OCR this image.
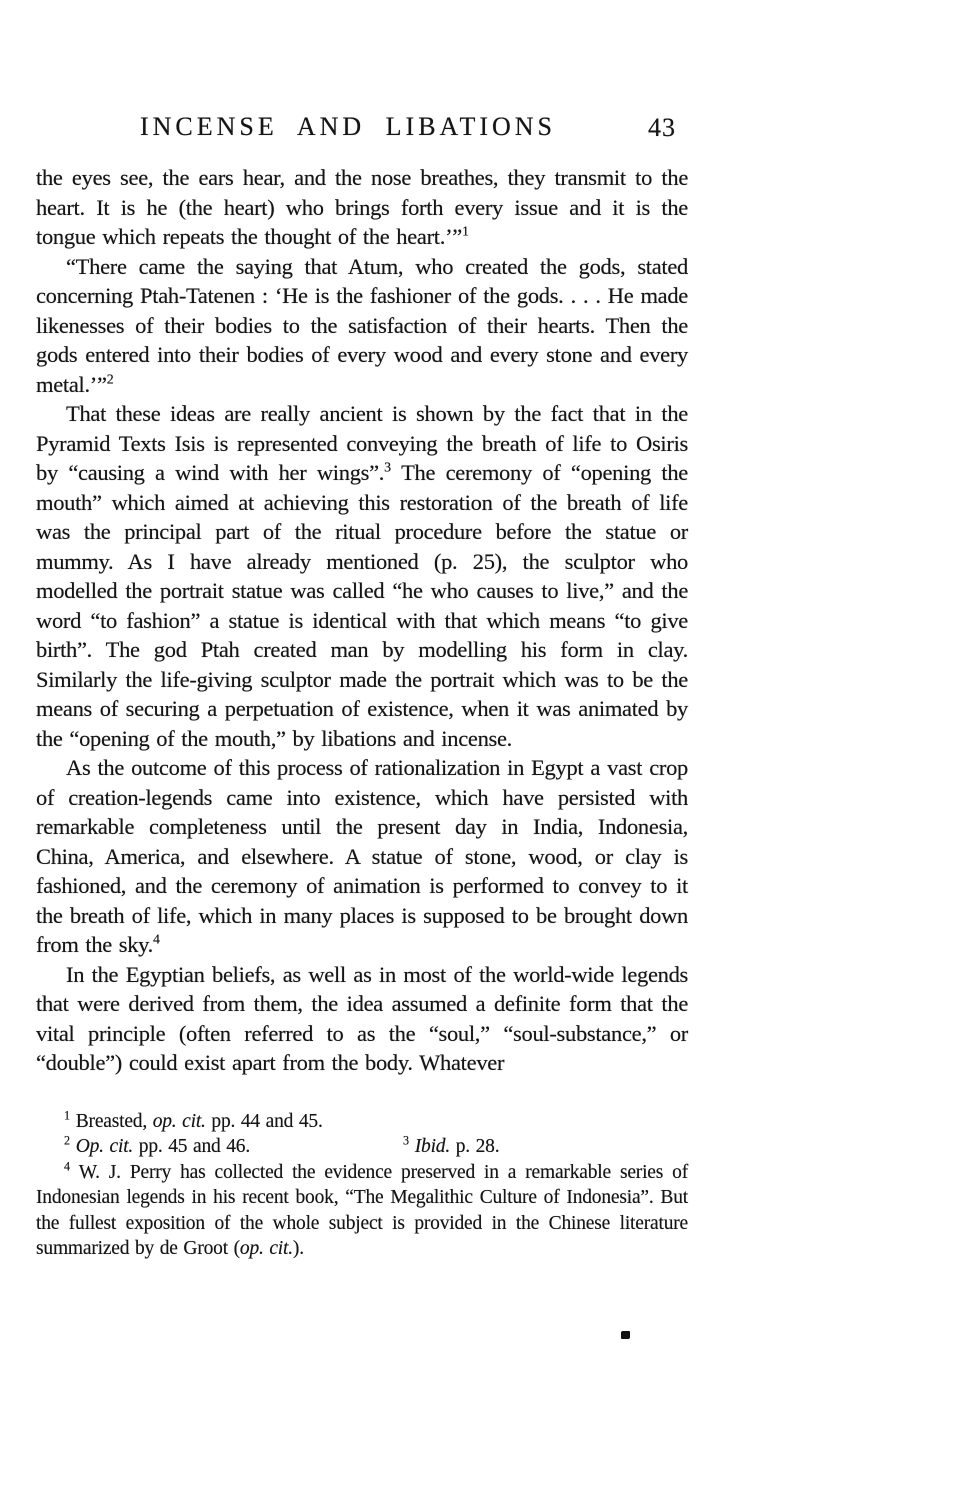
INCENSE AND LIBATIONS	43

the eyes see, the ears hear, and the nose breathes, they transmit to the heart. It is he (the heart) who brings forth every issue and it is the tongue which repeats the thought of the heart.’”$^1$

“There came the saying that Atum, who created the gods, stated concerning Ptah-Tatenen : ‘He is the fashioner of the gods. . . . He made likenesses of their bodies to the satisfaction of their hearts. Then the gods entered into their bodies of every wood and every stone and every metal.’”$^2$

That these ideas are really ancient is shown by the fact that in the Pyramid Texts Isis is represented conveying the breath of life to Osiris by “causing a wind with her wings”.$^3$ The ceremony of “opening the mouth” which aimed at achieving this restoration of the breath of life was the principal part of the ritual procedure before the statue or mummy. As I have already mentioned (p. 25), the sculptor who modelled the portrait statue was called “he who causes to live,” and the word “to fashion” a statue is identical with that which means “to give birth”. The god Ptah created man by modelling his form in clay. Similarly the life-giving sculptor made the portrait which was to be the means of securing a perpetuation of existence, when it was animated by the “opening of the mouth,” by libations and incense.

As the outcome of this process of rationalization in Egypt a vast crop of creation-legends came into existence, which have persisted with remarkable completeness until the present day in India, Indonesia, China, America, and elsewhere. A statue of stone, wood, or clay is fashioned, and the ceremony of animation is performed to convey to it the breath of life, which in many places is supposed to be brought down from the sky.$^4$

In the Egyptian beliefs, as well as in most of the world-wide legends that were derived from them, the idea assumed a definite form that the vital principle (often referred to as the “soul,” “soul-substance,” or “double”) could exist apart from the body. Whatever

$^1$ Breasted, op. cit. pp. 44 and 45.

$^2$ Op. cit. pp. 45 and 46.	$^3$ Ibid. p. 28.

$^4$ W. J. Perry has collected the evidence preserved in a remarkable series of Indonesian legends in his recent book, “The Megalithic Culture of Indonesia”. But the fullest exposition of the whole subject is provided in the Chinese literature summarized by de Groot (op. cit.).
